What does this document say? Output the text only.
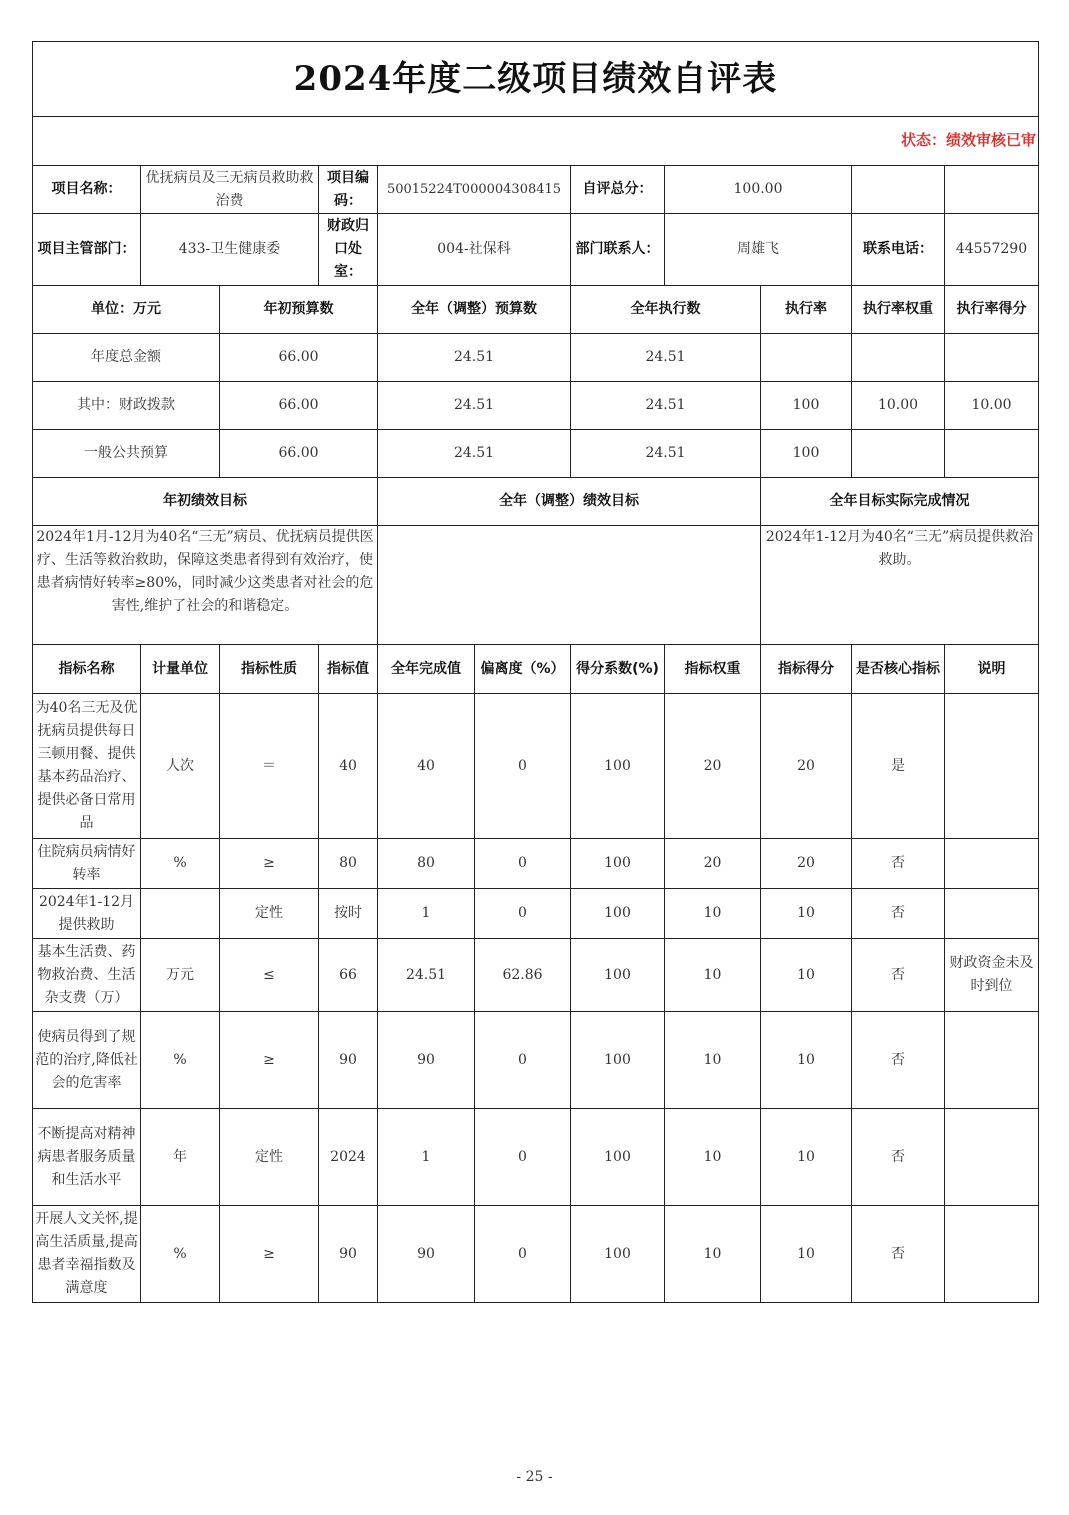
2024年度二级项目绩效自评表										
状态：绩效审核已审										
项目名称：	优抚病员及三无病员救助救治费		项目编码：	50015224T000004308415		自评总分：	100.00			
项目主管部门：	433-卫生健康委		财政归口处室：	004-社保科		部门联系人：	周雄飞		联系电话：	44557290
单位：万元		年初预算数		全年（调整）预算数		全年执行数		执行率	执行率权重	执行率得分
年度总金额		66.00		24.51		24.51				
其中：财政拨款		66.00		24.51		24.51		100	10.00	10.00
一般公共预算		66.00		24.51		24.51		100		
年初绩效目标				全年（调整）绩效目标				全年目标实际完成情况		
2024年1月-12月为40名“三无”病员、优抚病员提供医疗、生活等救治救助，保障这类患者得到有效治疗，使患者病情好转率≥80%，同时减少这类患者对社会的危害性,维护了社会的和谐稳定。								2024年1-12月为40名“三无”病员提供救治救助。		
指标名称	计量单位	指标性质	指标值	全年完成值	偏离度（%）	得分系数(%)	指标权重	指标得分	是否核心指标	说明
为40名三无及优抚病员提供每日三顿用餐、提供基本药品治疗、提供必备日常用品	人次	＝	40	40	0	100	20	20	是	
住院病员病情好转率	%	≥	80	80	0	100	20	20	否	
2024年1-12月提供救助		定性	按时	1	0	100	10	10	否	
基本生活费、药物救治费、生活杂支费（万）	万元	≤	66	24.51	62.86	100	10	10	否	财政资金未及时到位
使病员得到了规范的治疗,降低社会的危害率	%	≥	90	90	0	100	10	10	否	
不断提高对精神病患者服务质量和生活水平	年	定性	2024	1	0	100	10	10	否	
开展人文关怀,提高生活质量,提高患者幸福指数及满意度	%	≥	90	90	0	100	10	10	否	
- 25 -
